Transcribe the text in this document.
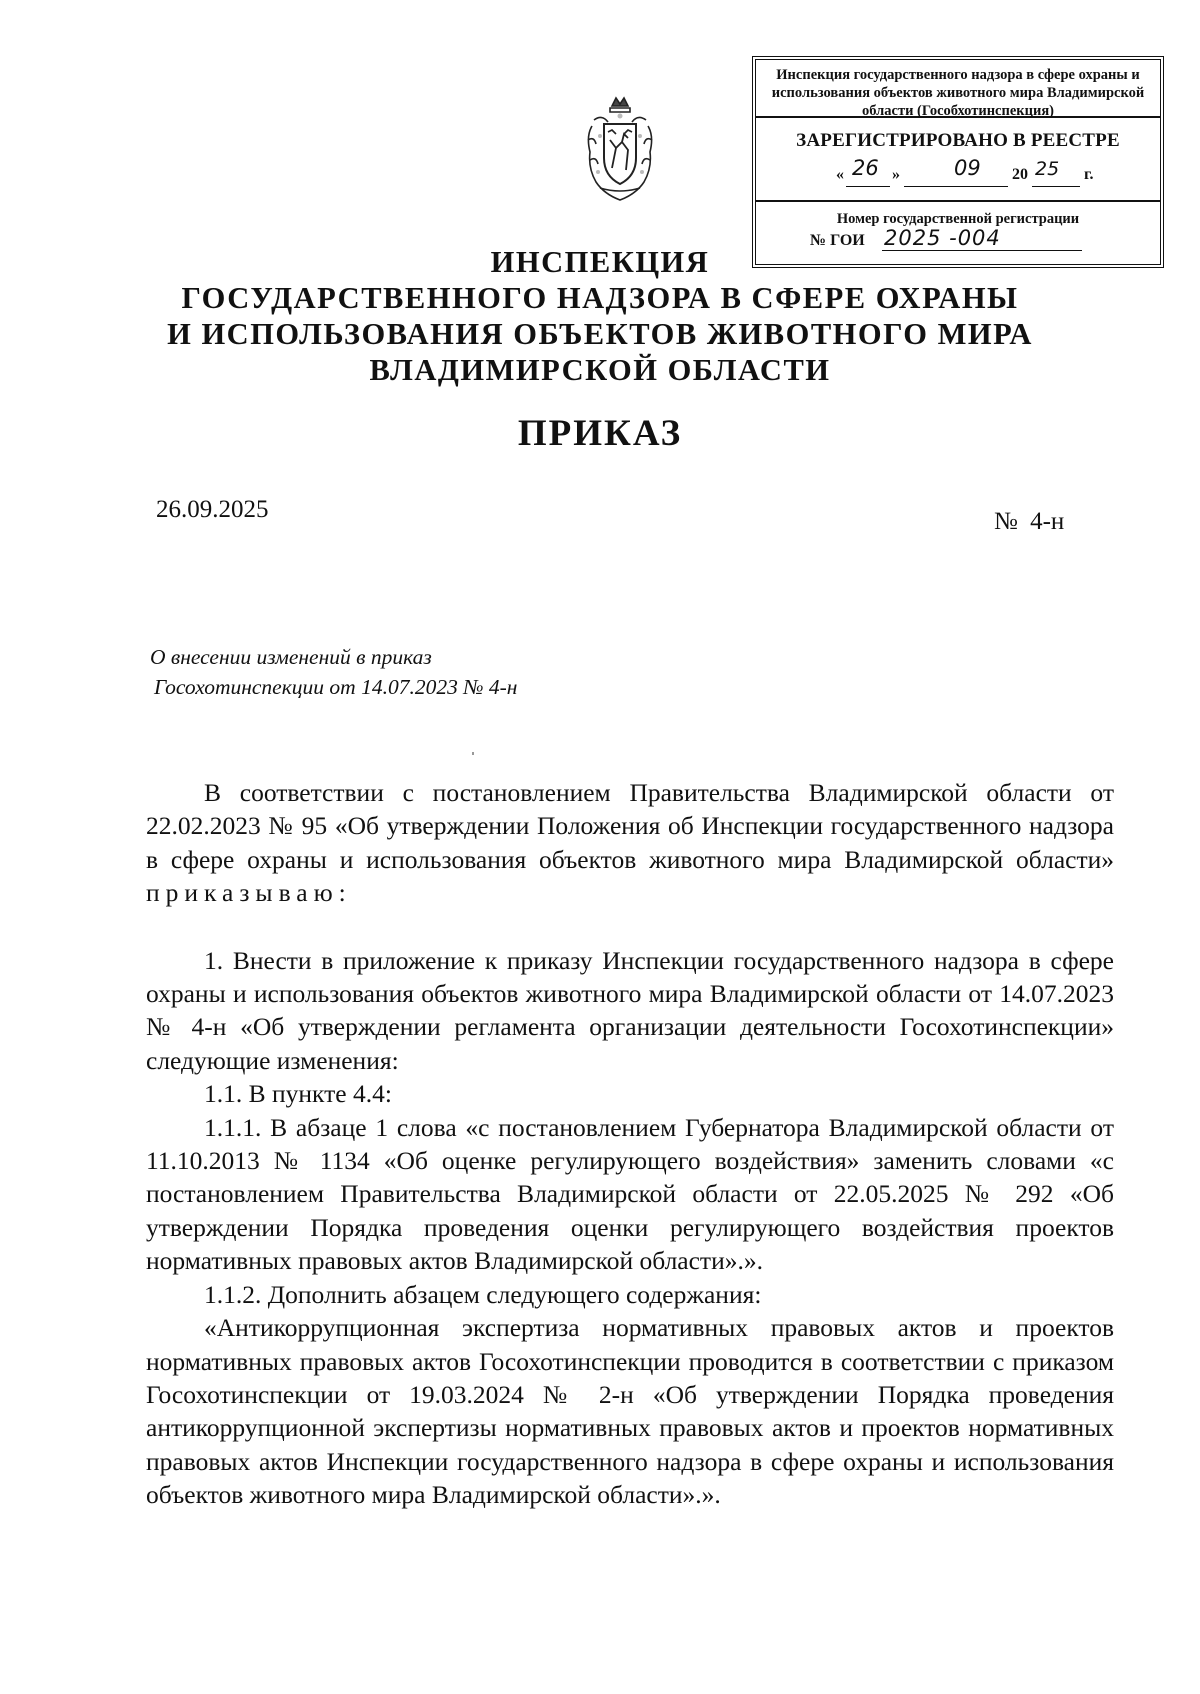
Инспекция государственного надзора в сфере охраны и использования объектов животного мира Владимирской области (Гособхотинспекция)
ЗАРЕГИСТРИРОВАНО В РЕЕСТРЕ
« 26 »	09 20 25 г.
Номер государственной регистрации
№ ГОИ 2025 -004
ИНСПЕКЦИЯ
ГОСУДАРСТВЕННОГО НАДЗОРА В СФЕРЕ ОХРАНЫ
И ИСПОЛЬЗОВАНИЯ ОБЪЕКТОВ ЖИВОТНОГО МИРА
ВЛАДИМИРСКОЙ ОБЛАСТИ
ПРИКАЗ
26.09.2025	№ 4-н
О внесении изменений в приказ
Госохотинспекции от 14.07.2023 № 4-н

В соответствии с постановлением Правительства Владимирской области от 22.02.2023 № 95 «Об утверждении Положения об Инспекции государственного надзора в сфере охраны и использования объектов животного мира Владимирской области» приказываю:

1. Внести в приложение к приказу Инспекции государственного надзора в сфере охраны и использования объектов животного мира Владимирской области от 14.07.2023 № 4-н «Об утверждении регламента организации деятельности Госохотинспекции» следующие изменения:

1.1. В пункте 4.4:

1.1.1. В абзаце 1 слова «с постановлением Губернатора Владимирской области от 11.10.2013 № 1134 «Об оценке регулирующего воздействия» заменить словами «с постановлением Правительства Владимирской области от 22.05.2025 № 292 «Об утверждении Порядка проведения оценки регулирующего воздействия проектов нормативных правовых актов Владимирской области».».

1.1.2. Дополнить абзацем следующего содержания:

«Антикоррупционная экспертиза нормативных правовых актов и проектов нормативных правовых актов Госохотинспекции проводится в соответствии с приказом Госохотинспекции от 19.03.2024 № 2-н «Об утверждении Порядка проведения антикоррупционной экспертизы нормативных правовых актов и проектов нормативных правовых актов Инспекции государственного надзора в сфере охраны и использования объектов животного мира Владимирской области».».
